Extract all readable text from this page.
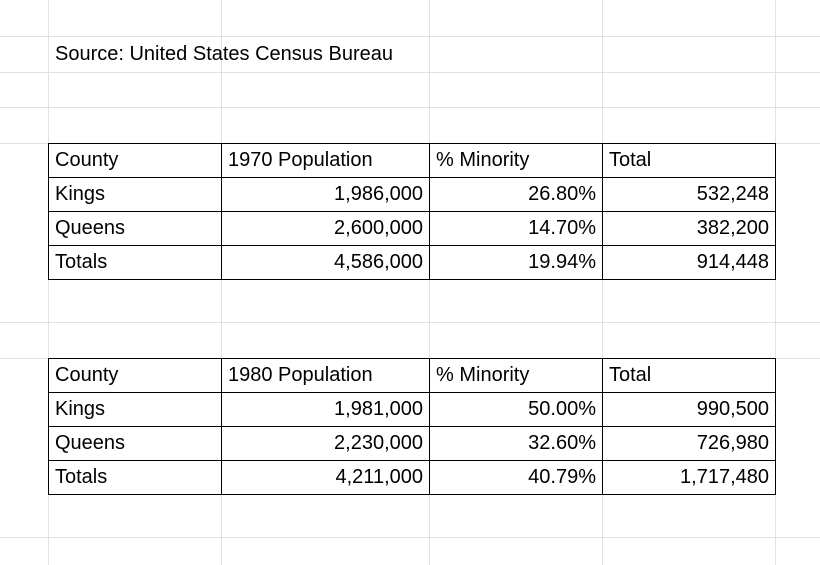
Source: United States Census Bureau
County	1970 Population	% Minority	Total
Kings	1,986,000	26.80%	532,248
Queens	2,600,000	14.70%	382,200
Totals	4,586,000	19.94%	914,448
County	1980 Population	% Minority	Total
Kings	1,981,000	50.00%	990,500
Queens	2,230,000	32.60%	726,980
Totals	4,211,000	40.79%	1,717,480
